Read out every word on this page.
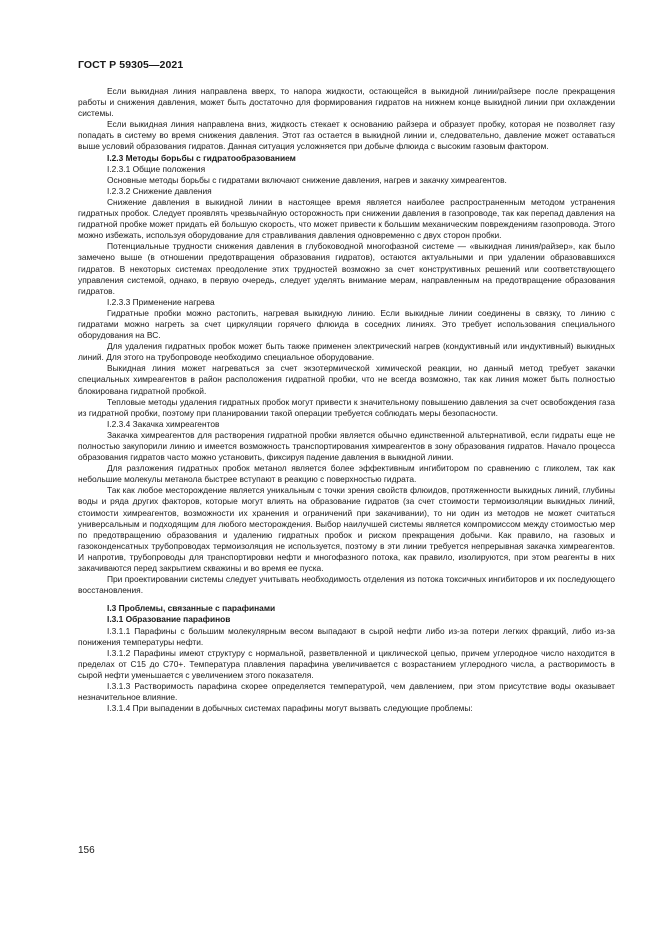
ГОСТ Р 59305—2021

Если выкидная линия направлена вверх, то напора жидкости, остающейся в выкидной линии/райзере после прекращения работы и снижения давления, может быть достаточно для формирования гидратов на нижнем конце выкидной линии при охлаждении системы.

Если выкидная линия направлена вниз, жидкость стекает к основанию райзера и образует пробку, которая не позволяет газу попадать в систему во время снижения давления. Этот газ остается в выкидной линии и, следовательно, давление может оставаться выше условий образования гидратов. Данная ситуация усложняется при добыче флюида с высоким газовым фактором.

I.2.3 Методы борьбы с гидратообразованием

I.2.3.1 Общие положения

Основные методы борьбы с гидратами включают снижение давления, нагрев и закачку химреагентов.

I.2.3.2 Снижение давления

Снижение давления в выкидной линии в настоящее время является наиболее распространенным методом устранения гидратных пробок. Следует проявлять чрезвычайную осторожность при снижении давления в газопроводе, так как перепад давления на гидратной пробке может придать ей большую скорость, что может привести к большим механическим повреждениям газопровода. Этого можно избежать, используя оборудование для стравливания давления одновременно с двух сторон пробки.

Потенциальные трудности снижения давления в глубоководной многофазной системе — «выкидная линия/райзер», как было замечено выше (в отношении предотвращения образования гидратов), остаются актуальными и при удалении образовавшихся гидратов. В некоторых системах преодоление этих трудностей возможно за счет конструктивных решений или соответствующего управления системой, однако, в первую очередь, следует уделять внимание мерам, направленным на предотвращение образования гидратов.

I.2.3.3 Применение нагрева

Гидратные пробки можно растопить, нагревая выкидную линию. Если выкидные линии соединены в связку, то линию с гидратами можно нагреть за счет циркуляции горячего флюида в соседних линиях. Это требует использования специального оборудования на ВС.

Для удаления гидратных пробок может быть также применен электрический нагрев (кондуктивный или индуктивный) выкидных линий. Для этого на трубопроводе необходимо специальное оборудование.

Выкидная линия может нагреваться за счет экзотермической химической реакции, но данный метод требует закачки специальных химреагентов в район расположения гидратной пробки, что не всегда возможно, так как линия может быть полностью блокирована гидратной пробкой.

Тепловые методы удаления гидратных пробок могут привести к значительному повышению давления за счет освобождения газа из гидратной пробки, поэтому при планировании такой операции требуется соблюдать меры безопасности.

I.2.3.4 Закачка химреагентов

Закачка химреагентов для растворения гидратной пробки является обычно единственной альтернативой, если гидраты еще не полностью закупорили линию и имеется возможность транспортирования химреагентов в зону образования гидратов. Начало процесса образования гидратов часто можно установить, фиксируя падение давления в выкидной линии.

Для разложения гидратных пробок метанол является более эффективным ингибитором по сравнению с гликолем, так как небольшие молекулы метанола быстрее вступают в реакцию с поверхностью гидрата.

Так как любое месторождение является уникальным с точки зрения свойств флюидов, протяженности выкидных линий, глубины воды и ряда других факторов, которые могут влиять на образование гидратов (за счет стоимости термоизоляции выкидных линий, стоимости химреагентов, возможности их хранения и ограничений при закачивании), то ни один из методов не может считаться универсальным и подходящим для любого месторождения. Выбор наилучшей системы является компромиссом между стоимостью мер по предотвращению образования и удалению гидратных пробок и риском прекращения добычи. Как правило, на газовых и газоконденсатных трубопроводах термоизоляция не используется, поэтому в эти линии требуется непрерывная закачка химреагентов. И напротив, трубопроводы для транспортировки нефти и многофазного потока, как правило, изолируются, при этом реагенты в них закачиваются перед закрытием скважины и во время ее пуска.

При проектировании системы следует учитывать необходимость отделения из потока токсичных ингибиторов и их последующего восстановления.

I.3 Проблемы, связанные с парафинами

I.3.1 Образование парафинов

I.3.1.1 Парафины с большим молекулярным весом выпадают в сырой нефти либо из-за потери легких фракций, либо из-за понижения температуры нефти.

I.3.1.2 Парафины имеют структуру с нормальной, разветвленной и циклической цепью, причем углеродное число находится в пределах от C15 до C70+. Температура плавления парафина увеличивается с возрастанием углеродного числа, а растворимость в сырой нефти уменьшается с увеличением этого показателя.

I.3.1.3 Растворимость парафина скорее определяется температурой, чем давлением, при этом присутствие воды оказывает незначительное влияние.

I.3.1.4 При выпадении в добычных системах парафины могут вызвать следующие проблемы:

156
